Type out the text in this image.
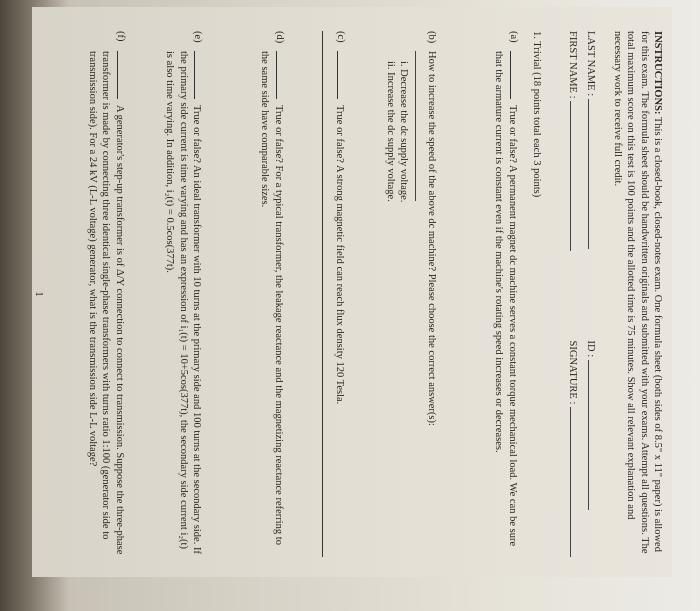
INSTRUCTIONS: This is a closed-book, closed-notes exam. One formula sheet (both sides of 8.5" x 11" paper) is allowed for this exam. The formula sheet should be handwritten originals and submitted with your exams. Attempt all questions. The total maximum score on this test is 100 points and the allotted time is 75 minutes. Show all relevant explanation and necessary work to receive full credit.

LAST NAME :
FIRST NAME :
ID :
SIGNATURE :
1. Trivial (18 points total each 3 points)
(a)
True or false? A permanent magnet dc machine serves a constant torque mechanical load. We can be sure that the armature current is constant even if the machine's rotating speed increases or decreases.
(b)
How to increase the speed of the above dc machine? Please choose the correct answer(s):
i. Decrease the dc supply voltage.
ii. Increase the dc supply voltage.
(c)
True or false? A strong magnetic field can reach flux density 120 Tesla.
(d)
True or false? For a typical transformer, the leakage reactance and the magnetizing reactance referring to the same side have comparable sizes.
(e)
True or false? An ideal transformer with 10 turns at the primary side and 100 turns at the secondary side. If the primary side current is time varying and has an expression of i₁(t) = 10+5cos(377t), the secondary side current i₂(t) is also time varying. In addition, i₂(t) = 0.5cos(377t).
(f)
A generator's step-up transformer is of Δ/Y connection to connect to transmission. Suppose the three-phase transformer is made by connecting three identical single-phase transformers with turns ratio 1:100 (generator side to transmission side). For a 24 kV (L-L voltage) generator, what is the transmission side L-L voltage?
1
